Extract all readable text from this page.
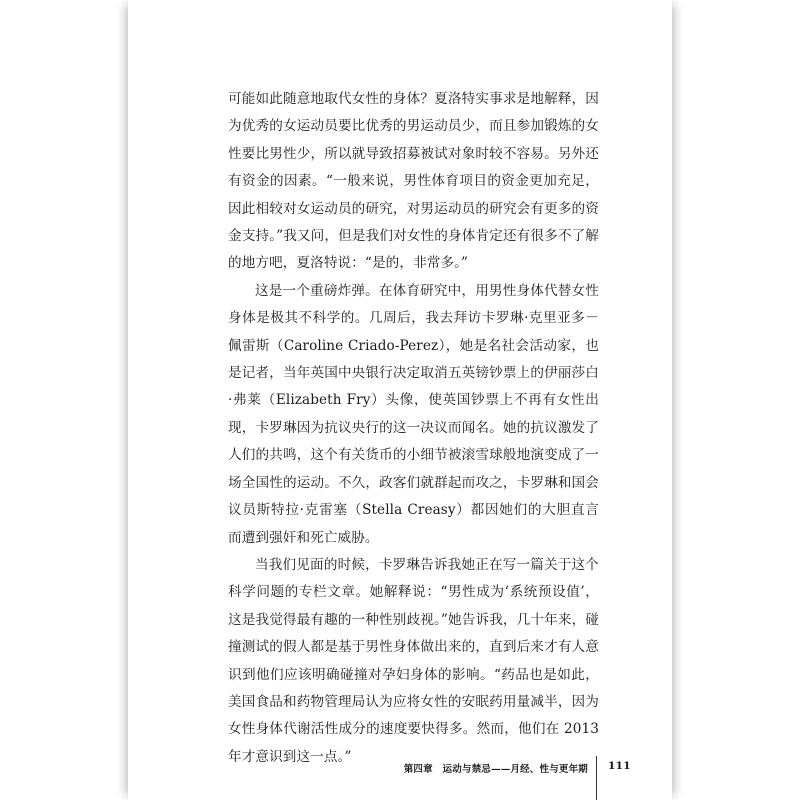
可能如此随意地取代女性的身体？夏洛特实事求是地解释，因为优秀的女运动员要比优秀的男运动员少，而且参加锻炼的女性要比男性少，所以就导致招募被试对象时较不容易。另外还有资金的因素。“一般来说，男性体育项目的资金更加充足，因此相较对女运动员的研究，对男运动员的研究会有更多的资金支持。”我又问，但是我们对女性的身体肯定还有很多不了解的地方吧，夏洛特说：“是的，非常多。”

这是一个重磅炸弹。在体育研究中，用男性身体代替女性身体是极其不科学的。几周后，我去拜访卡罗琳·克里亚多－佩雷斯（Caroline Criado-Perez），她是名社会活动家，也是记者，当年英国中央银行决定取消五英镑钞票上的伊丽莎白·弗莱（Elizabeth Fry）头像，使英国钞票上不再有女性出现，卡罗琳因为抗议央行的这一决议而闻名。她的抗议激发了人们的共鸣，这个有关货币的小细节被滚雪球般地演变成了一场全国性的运动。不久，政客们就群起而攻之，卡罗琳和国会议员斯特拉·克雷塞（Stella Creasy）都因她们的大胆直言而遭到强奸和死亡威胁。

当我们见面的时候，卡罗琳告诉我她正在写一篇关于这个科学问题的专栏文章。她解释说：“男性成为‘系统预设值’，这是我觉得最有趣的一种性别歧视。”她告诉我，几十年来，碰撞测试的假人都是基于男性身体做出来的，直到后来才有人意识到他们应该明确碰撞对孕妇身体的影响。“药品也是如此，美国食品和药物管理局认为应将女性的安眠药用量减半，因为女性身体代谢活性成分的速度要快得多。然而，他们在 2013 年才意识到这一点。”

第四章　运动与禁忌——月经、性与更年期 111
